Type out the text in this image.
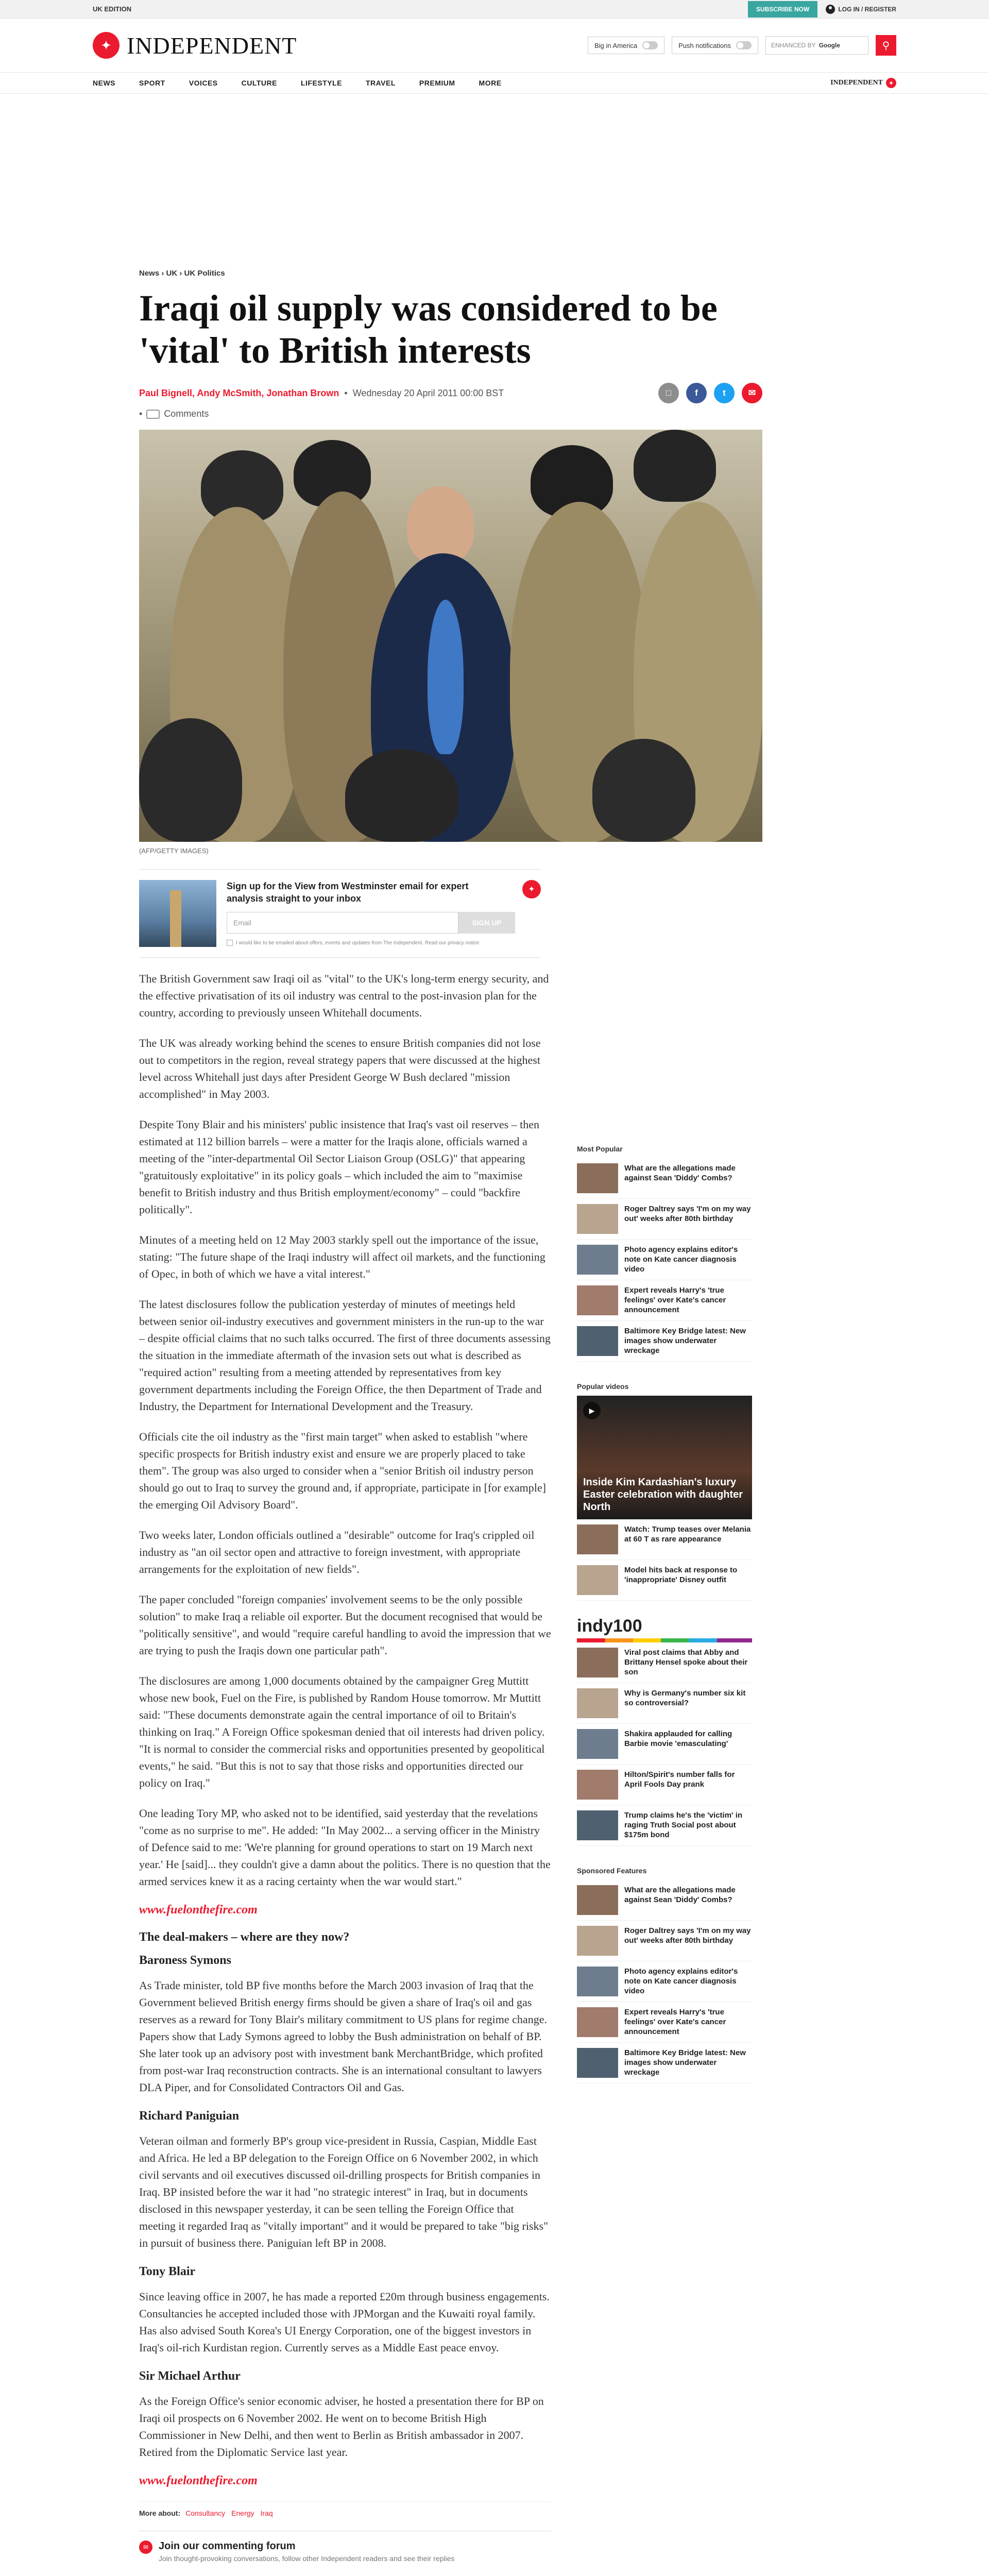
UK EDITION	SUBSCRIBE NOW	LOG IN / REGISTER
✦ INDEPENDENT	Big in America	Push notifications	ENHANCED BY Google	⚲
NEWS	SPORT	VOICES	CULTURE	LIFESTYLE	TRAVEL	PREMIUM	MORE	INDEPENDENT	✦
News › UK › UK Politics
Iraqi oil supply was considered to be 'vital' to British interests
Paul Bignell, Andy McSmith, Jonathan Brown  •  Wednesday 20 April 2011 00:00 BST	□	f	t	✉
• Comments
(AFP/GETTY IMAGES)
Sign up for the View from Westminster email for expert analysis straight to your inbox
Email	SIGN UP
I would like to be emailed about offers, events and updates from The Independent. Read our privacy notice
✦

The British Government saw Iraqi oil as "vital" to the UK's long-term energy security, and the effective privatisation of its oil industry was central to the post-invasion plan for the country, according to previously unseen Whitehall documents.

The UK was already working behind the scenes to ensure British companies did not lose out to competitors in the region, reveal strategy papers that were discussed at the highest level across Whitehall just days after President George W Bush declared "mission accomplished" in May 2003.

Despite Tony Blair and his ministers' public insistence that Iraq's vast oil reserves – then estimated at 112 billion barrels – were a matter for the Iraqis alone, officials warned a meeting of the "inter-departmental Oil Sector Liaison Group (OSLG)" that appearing "gratuitously exploitative" in its policy goals – which included the aim to "maximise benefit to British industry and thus British employment/economy" – could "backfire politically".

Minutes of a meeting held on 12 May 2003 starkly spell out the importance of the issue, stating: "The future shape of the Iraqi industry will affect oil markets, and the functioning of Opec, in both of which we have a vital interest."

The latest disclosures follow the publication yesterday of minutes of meetings held between senior oil-industry executives and government ministers in the run-up to the war – despite official claims that no such talks occurred. The first of three documents assessing the situation in the immediate aftermath of the invasion sets out what is described as "required action" resulting from a meeting attended by representatives from key government departments including the Foreign Office, the then Department of Trade and Industry, the Department for International Development and the Treasury.

Officials cite the oil industry as the "first main target" when asked to establish "where specific prospects for British industry exist and ensure we are properly placed to take them". The group was also urged to consider when a "senior British oil industry person should go out to Iraq to survey the ground and, if appropriate, participate in [for example] the emerging Oil Advisory Board".

Two weeks later, London officials outlined a "desirable" outcome for Iraq's crippled oil industry as "an oil sector open and attractive to foreign investment, with appropriate arrangements for the exploitation of new fields".

The paper concluded "foreign companies' involvement seems to be the only possible solution" to make Iraq a reliable oil exporter. But the document recognised that would be "politically sensitive", and would "require careful handling to avoid the impression that we are trying to push the Iraqis down one particular path".

The disclosures are among 1,000 documents obtained by the campaigner Greg Muttitt whose new book, Fuel on the Fire, is published by Random House tomorrow. Mr Muttitt said: "These documents demonstrate again the central importance of oil to Britain's thinking on Iraq." A Foreign Office spokesman denied that oil interests had driven policy. "It is normal to consider the commercial risks and opportunities presented by geopolitical events," he said. "But this is not to say that those risks and opportunities directed our policy on Iraq."

One leading Tory MP, who asked not to be identified, said yesterday that the revelations "come as no surprise to me". He added: "In May 2002... a serving officer in the Ministry of Defence said to me: 'We're planning for ground operations to start on 19 March next year.' He [said]... they couldn't give a damn about the politics. There is no question that the armed services knew it as a racing certainty when the war would start."

www.fuelonthefire.com
The deal-makers – where are they now?
Baroness Symons

As Trade minister, told BP five months before the March 2003 invasion of Iraq that the Government believed British energy firms should be given a share of Iraq's oil and gas reserves as a reward for Tony Blair's military commitment to US plans for regime change. Papers show that Lady Symons agreed to lobby the Bush administration on behalf of BP. She later took up an advisory post with investment bank MerchantBridge, which profited from post-war Iraq reconstruction contracts. She is an international consultant to lawyers DLA Piper, and for Consolidated Contractors Oil and Gas.

Richard Paniguian

Veteran oilman and formerly BP's group vice-president in Russia, Caspian, Middle East and Africa. He led a BP delegation to the Foreign Office on 6 November 2002, in which civil servants and oil executives discussed oil-drilling prospects for British companies in Iraq. BP insisted before the war it had "no strategic interest" in Iraq, but in documents disclosed in this newspaper yesterday, it can be seen telling the Foreign Office that meeting it regarded Iraq as "vitally important" and it would be prepared to take "big risks" in pursuit of business there. Paniguian left BP in 2008.

Tony Blair

Since leaving office in 2007, he has made a reported £20m through business engagements. Consultancies he accepted included those with JPMorgan and the Kuwaiti royal family. Has also advised South Korea's UI Energy Corporation, one of the biggest investors in Iraq's oil-rich Kurdistan region. Currently serves as a Middle East peace envoy.

Sir Michael Arthur

As the Foreign Office's senior economic adviser, he hosted a presentation there for BP on Iraqi oil prospects on 6 November 2002. He went on to become British High Commissioner in New Delhi, and then went to Berlin as British ambassador in 2007. Retired from the Diplomatic Service last year.

www.fuelonthefire.com
More about: Consultancy Energy Iraq
✉ Join our commenting forum
Join thought-provoking conversations, follow other Independent readers and see their replies
Most Popular
What are the allegations made against Sean 'Diddy' Combs?
Roger Daltrey says 'I'm on my way out' weeks after 80th birthday
Photo agency explains editor's note on Kate cancer diagnosis video
Expert reveals Harry's 'true feelings' over Kate's cancer announcement
Baltimore Key Bridge latest: New images show underwater wreckage
Popular videos
▶
Inside Kim Kardashian's luxury Easter celebration with daughter North
Watch: Trump teases over Melania at 60 T as rare appearance
Model hits back at response to 'inappropriate' Disney outfit
indy100
Viral post claims that Abby and Brittany Hensel spoke about their son
Why is Germany's number six kit so controversial?
Shakira applauded for calling Barbie movie 'emasculating'
Hilton/Spirit's number falls for April Fools Day prank
Trump claims he's the 'victim' in raging Truth Social post about $175m bond
Sponsored Features
What are the allegations made against Sean 'Diddy' Combs?
Roger Daltrey says 'I'm on my way out' weeks after 80th birthday
Photo agency explains editor's note on Kate cancer diagnosis video
Expert reveals Harry's 'true feelings' over Kate's cancer announcement
Baltimore Key Bridge latest: New images show underwater wreckage
